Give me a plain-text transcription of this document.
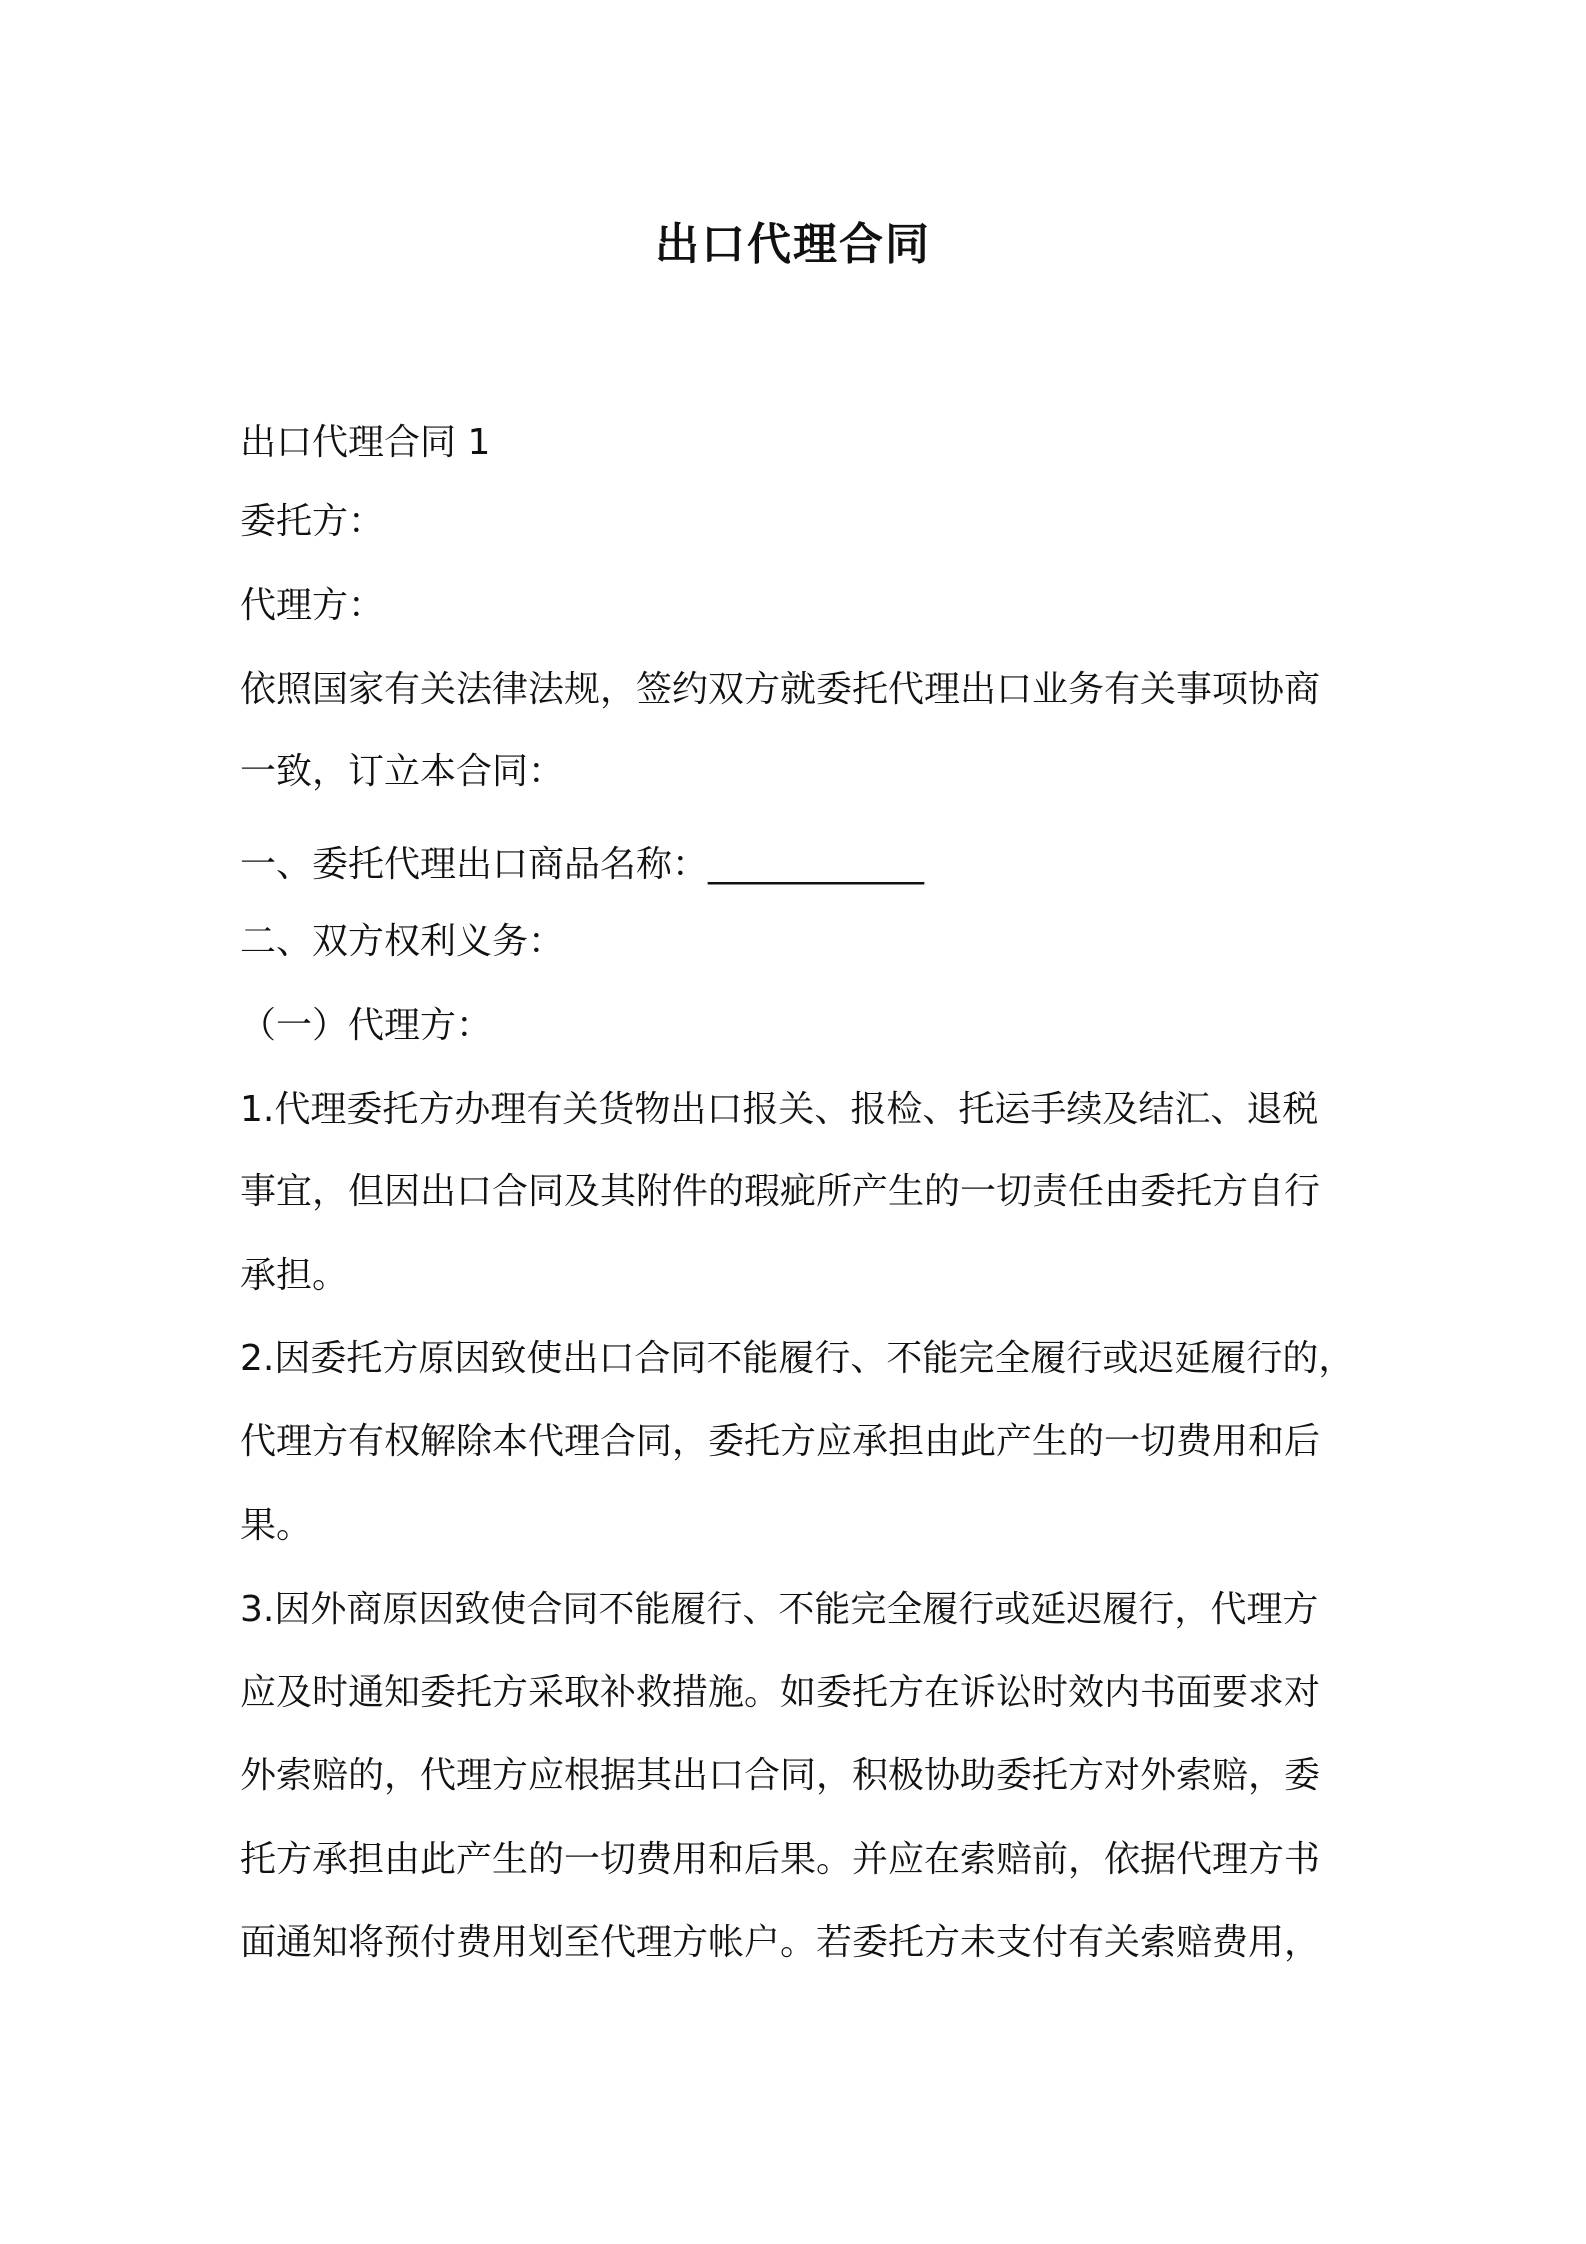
出口代理合同

出口代理合同 1

委托方：

代理方：

依照国家有关法律法规，签约双方就委托代理出口业务有关事项协商

一致，订立本合同：

一、委托代理出口商品名称：____________

二、双方权利义务：

（一）代理方：

1.代理委托方办理有关货物出口报关、报检、托运手续及结汇、退税

事宜，但因出口合同及其附件的瑕疵所产生的一切责任由委托方自行

承担。

2.因委托方原因致使出口合同不能履行、不能完全履行或迟延履行的，

代理方有权解除本代理合同，委托方应承担由此产生的一切费用和后

果。

3.因外商原因致使合同不能履行、不能完全履行或延迟履行，代理方

应及时通知委托方采取补救措施。如委托方在诉讼时效内书面要求对

外索赔的，代理方应根据其出口合同，积极协助委托方对外索赔，委

托方承担由此产生的一切费用和后果。并应在索赔前，依据代理方书

面通知将预付费用划至代理方帐户。若委托方未支付有关索赔费用，
